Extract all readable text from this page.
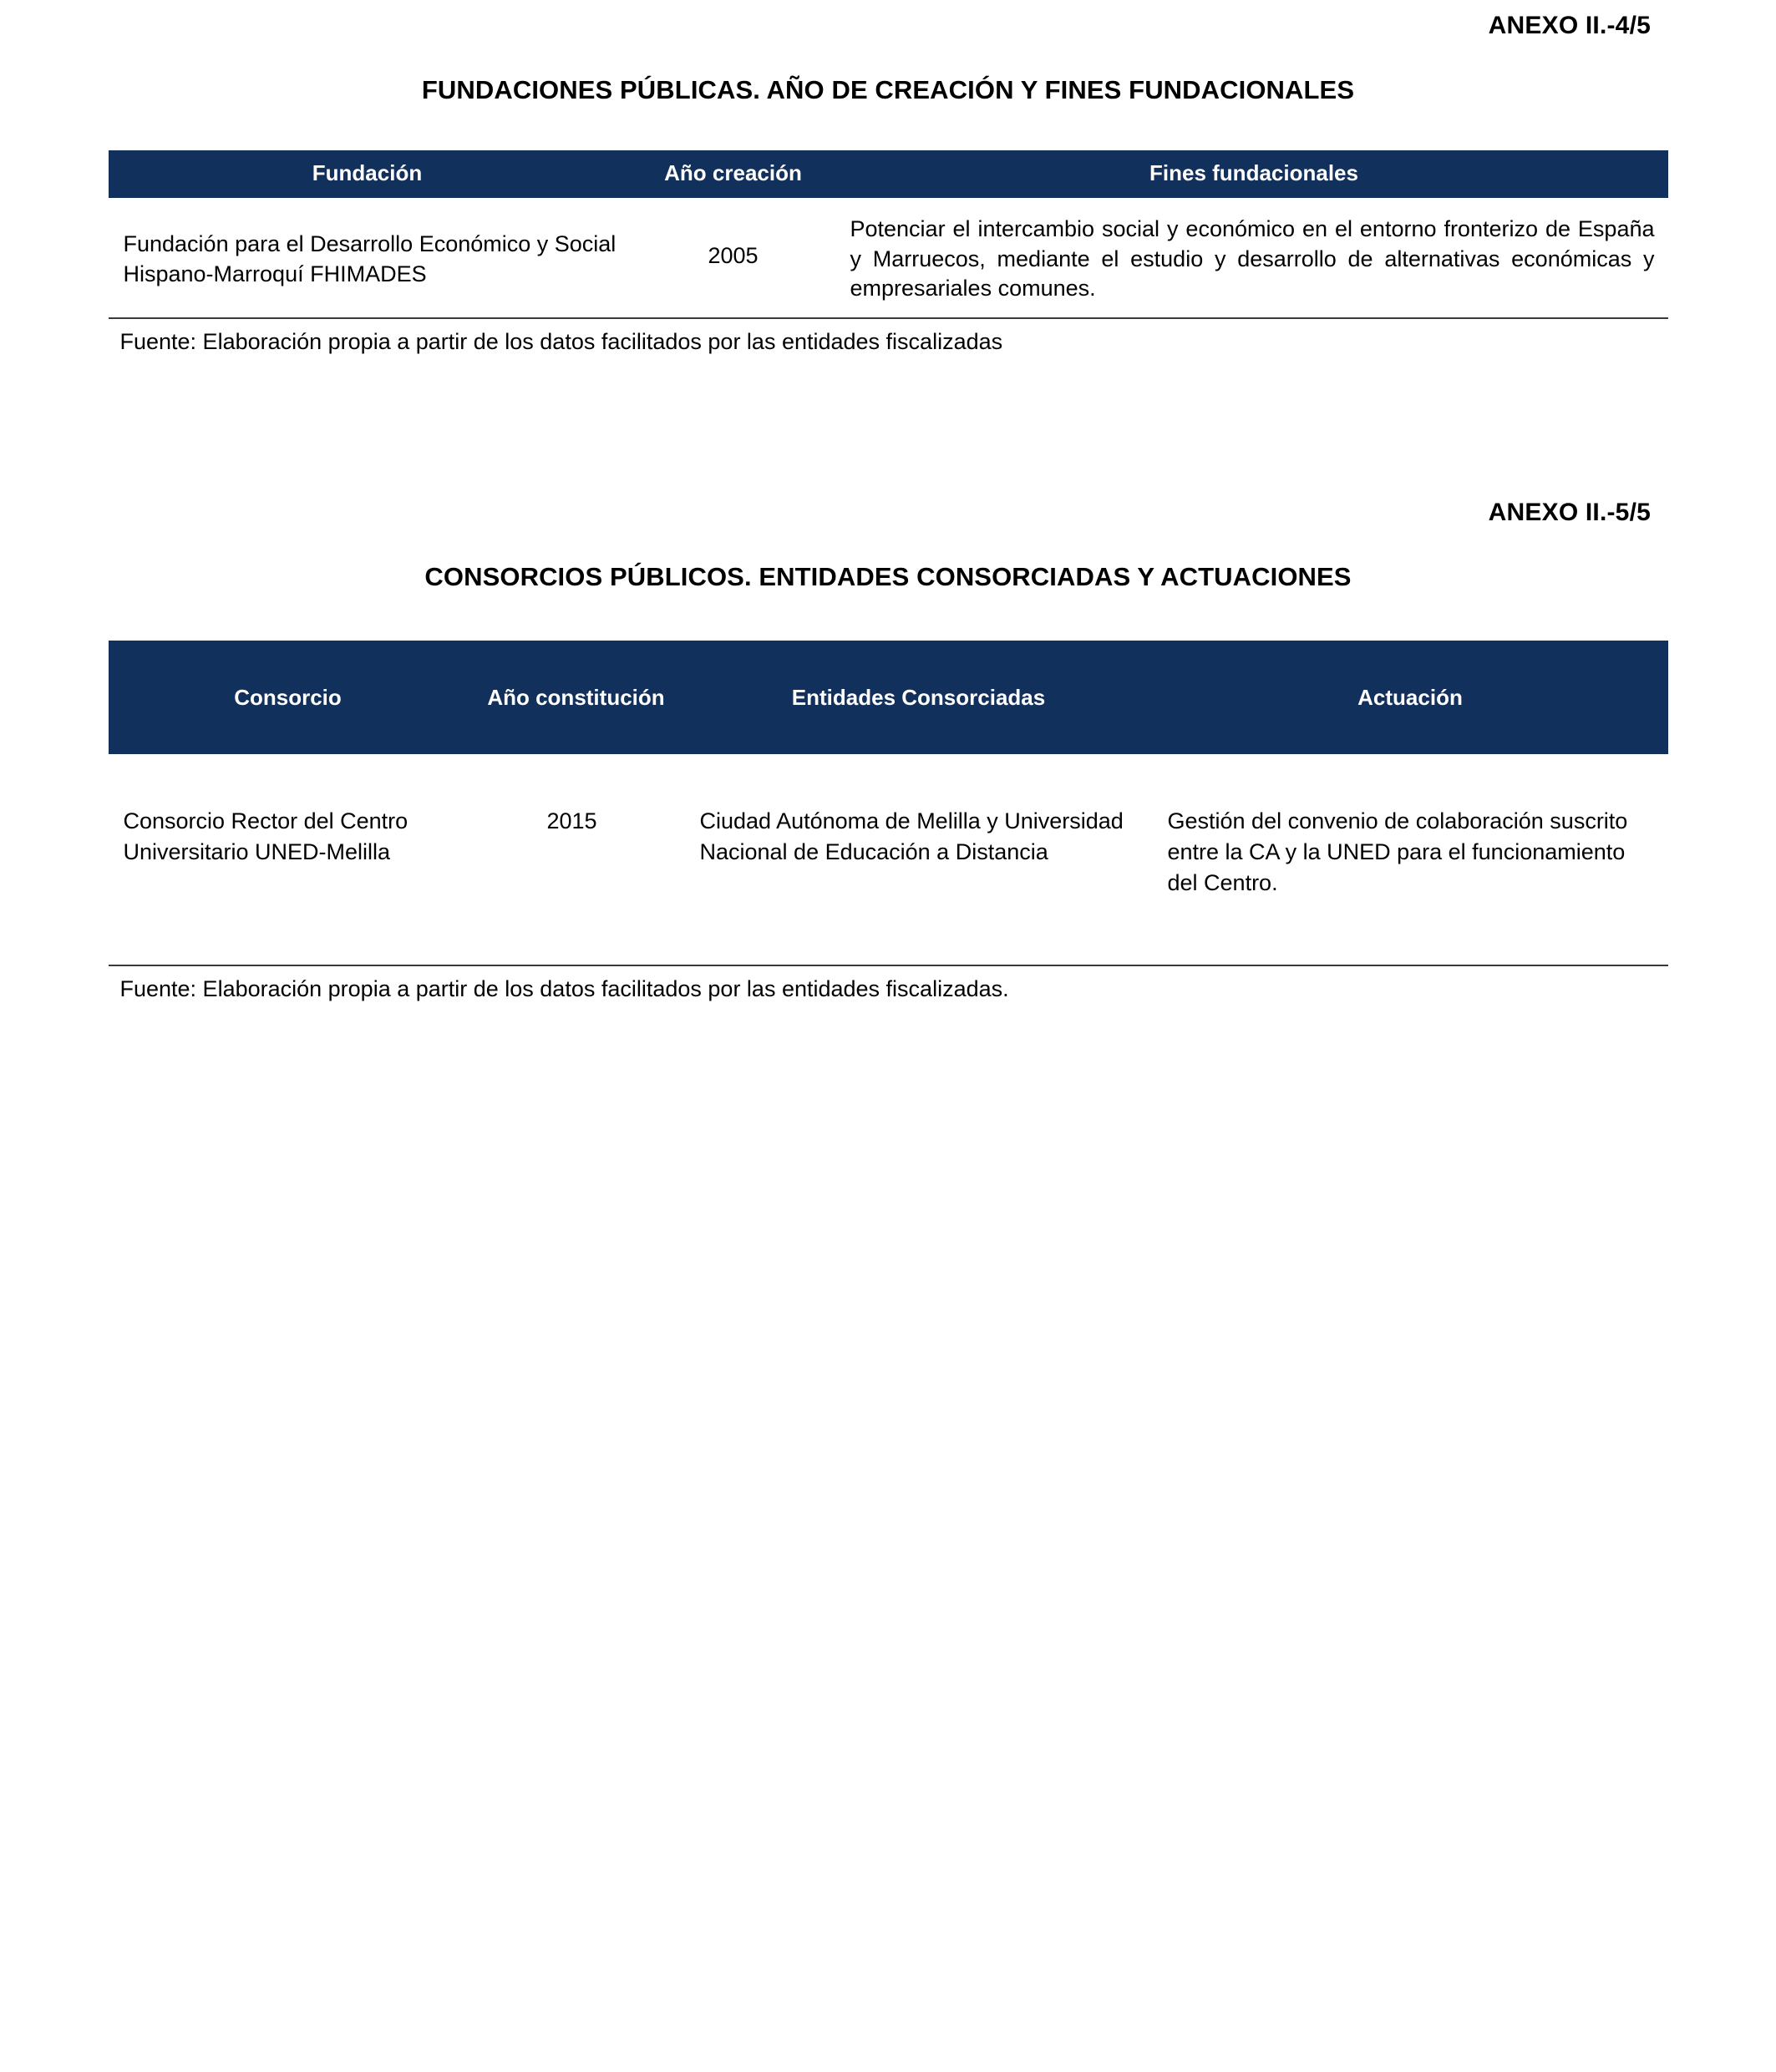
ANEXO II.-4/5
FUNDACIONES PÚBLICAS. AÑO DE CREACIÓN Y FINES FUNDACIONALES
Fundación	Año creación	Fines fundacionales
Fundación para el Desarrollo Económico y Social Hispano-Marroquí FHIMADES	2005	Potenciar el intercambio social y económico en el entorno fronterizo de España y Marruecos, mediante el estudio y desarrollo de alternativas económicas y empresariales comunes.
Fuente: Elaboración propia a partir de los datos facilitados por las entidades fiscalizadas
ANEXO II.-5/5
CONSORCIOS PÚBLICOS. ENTIDADES CONSORCIADAS Y ACTUACIONES
Consorcio	Año constitución	Entidades Consorciadas	Actuación
Consorcio Rector del Centro Universitario UNED-Melilla	2015	Ciudad Autónoma de Melilla y Universidad Nacional de Educación a Distancia	Gestión del convenio de colaboración suscrito entre la CA y la UNED para el funcionamiento del Centro.
Fuente: Elaboración propia a partir de los datos facilitados por las entidades fiscalizadas.
